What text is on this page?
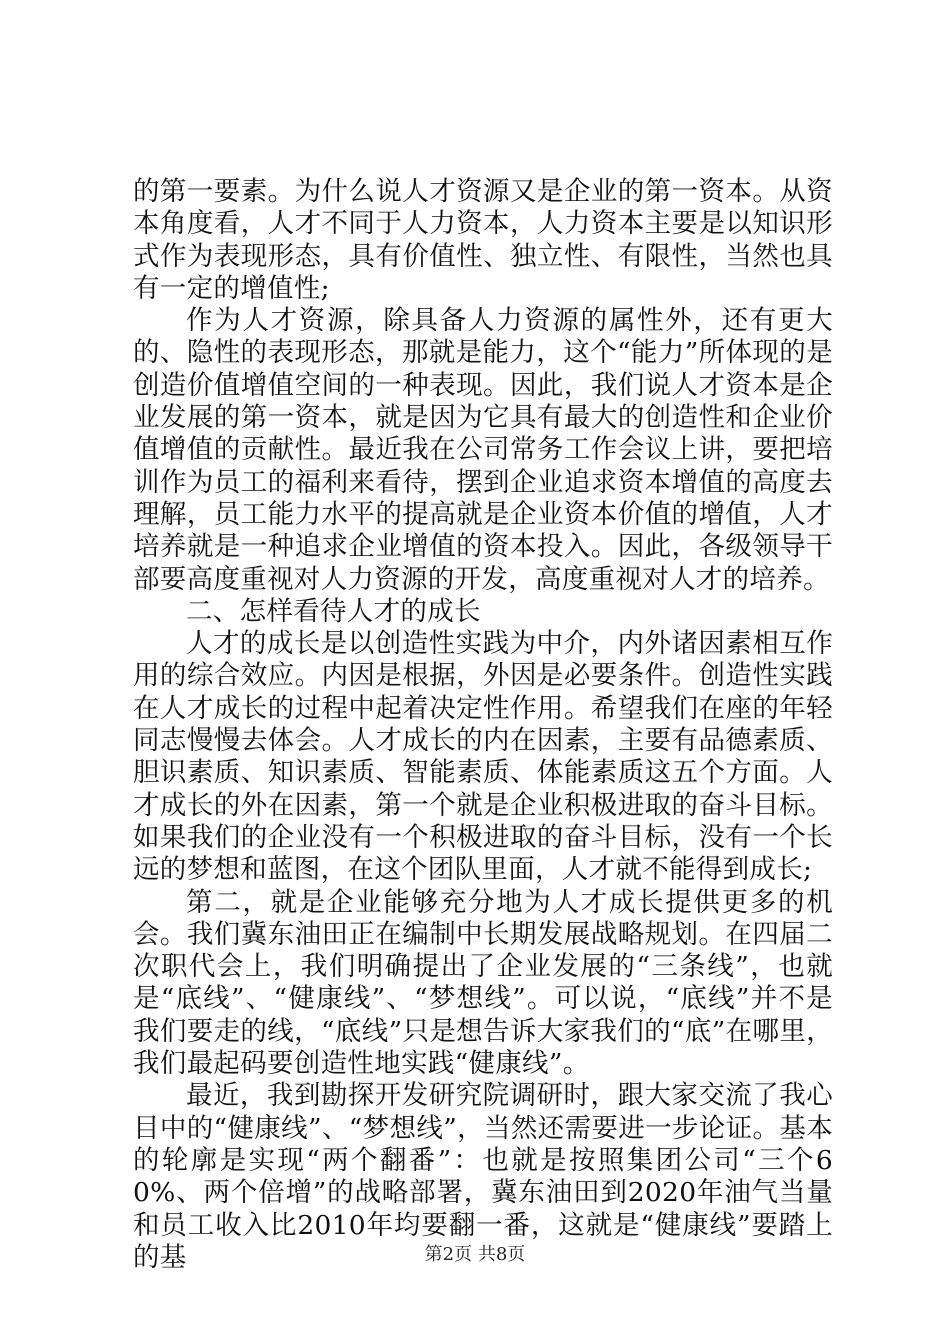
的第一要素。为什么说人才资源又是企业的第一资本。从资本角度看，人才不同于人力资本，人力资本主要是以知识形式作为表现形态，具有价值性、独立性、有限性，当然也具有一定的增值性;

作为人才资源，除具备人力资源的属性外，还有更大的、隐性的表现形态，那就是能力，这个“能力”所体现的是创造价值增值空间的一种表现。因此，我们说人才资本是企业发展的第一资本，就是因为它具有最大的创造性和企业价值增值的贡献性。最近我在公司常务工作会议上讲，要把培训作为员工的福利来看待，摆到企业追求资本增值的高度去理解，员工能力水平的提高就是企业资本价值的增值，人才培养就是一种追求企业增值的资本投入。因此，各级领导干部要高度重视对人力资源的开发，高度重视对人才的培养。

二、怎样看待人才的成长

人才的成长是以创造性实践为中介，内外诸因素相互作用的综合效应。内因是根据，外因是必要条件。创造性实践在人才成长的过程中起着决定性作用。希望我们在座的年轻同志慢慢去体会。人才成长的内在因素，主要有品德素质、胆识素质、知识素质、智能素质、体能素质这五个方面。人才成长的外在因素，第一个就是企业积极进取的奋斗目标。如果我们的企业没有一个积极进取的奋斗目标，没有一个长远的梦想和蓝图，在这个团队里面，人才就不能得到成长;

第二，就是企业能够充分地为人才成长提供更多的机会。我们冀东油田正在编制中长期发展战略规划。在四届二次职代会上，我们明确提出了企业发展的“三条线”，也就是“底线”、“健康线”、“梦想线”。可以说，“底线”并不是我们要走的线，“底线”只是想告诉大家我们的“底”在哪里，我们最起码要创造性地实践“健康线”。

最近，我到勘探开发研究院调研时，跟大家交流了我心目中的“健康线”、“梦想线”，当然还需要进一步论证。基本的轮廓是实现“两个翻番”：也就是按照集团公司“三个60%、两个倍增”的战略部署，冀东油田到2020年油气当量和员工收入比2010年均要翻一番，这就是“健康线”要踏上的基	第2页 共8页
